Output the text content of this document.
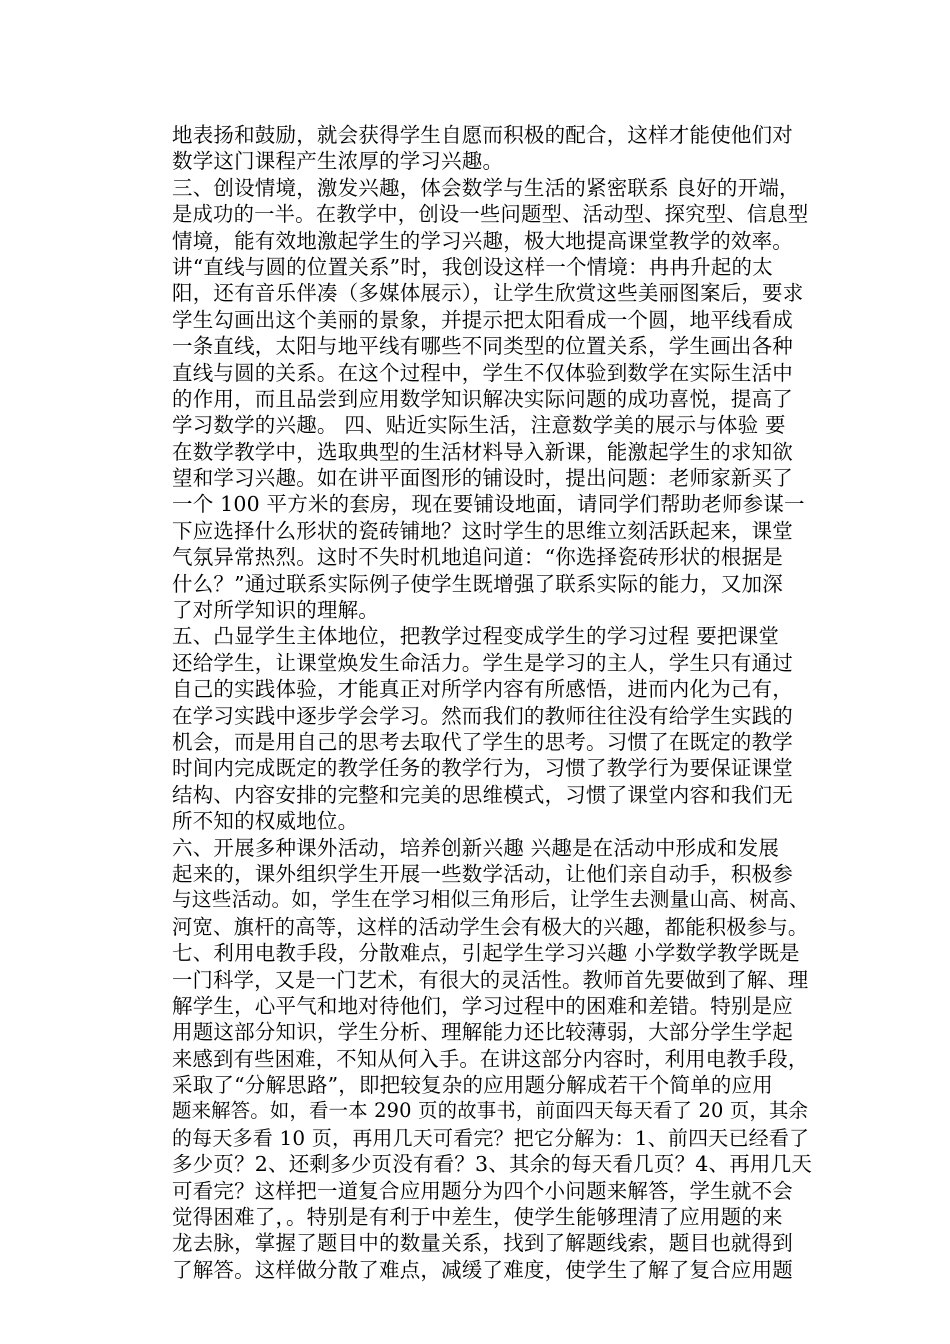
地表扬和鼓励，就会获得学生自愿而积极的配合，这样才能使他们对
数学这门课程产生浓厚的学习兴趣。
三、创设情境，激发兴趣，体会数学与生活的紧密联系 良好的开端，
是成功的一半。在教学中，创设一些问题型、活动型、探究型、信息型
情境，能有效地激起学生的学习兴趣，极大地提高课堂教学的效率。
讲“直线与圆的位置关系”时，我创设这样一个情境：冉冉升起的太
阳，还有音乐伴凑（多媒体展示），让学生欣赏这些美丽图案后，要求
学生勾画出这个美丽的景象，并提示把太阳看成一个圆，地平线看成
一条直线，太阳与地平线有哪些不同类型的位置关系，学生画出各种
直线与圆的关系。在这个过程中，学生不仅体验到数学在实际生活中
的作用，而且品尝到应用数学知识解决实际问题的成功喜悦，提高了
学习数学的兴趣。 四、贴近实际生活，注意数学美的展示与体验 要
在数学教学中，选取典型的生活材料导入新课，能激起学生的求知欲
望和学习兴趣。如在讲平面图形的铺设时，提出问题：老师家新买了
一个 100 平方米的套房，现在要铺设地面，请同学们帮助老师参谋一
下应选择什么形状的瓷砖铺地？这时学生的思维立刻活跃起来，课堂
气氛异常热烈。这时不失时机地追问道：“你选择瓷砖形状的根据是
什么？”通过联系实际例子使学生既增强了联系实际的能力，又加深
了对所学知识的理解。
五、凸显学生主体地位，把教学过程变成学生的学习过程 要把课堂
还给学生，让课堂焕发生命活力。学生是学习的主人，学生只有通过
自己的实践体验，才能真正对所学内容有所感悟，进而内化为己有，
在学习实践中逐步学会学习。然而我们的教师往往没有给学生实践的
机会，而是用自己的思考去取代了学生的思考。习惯了在既定的教学
时间内完成既定的教学任务的教学行为，习惯了教学行为要保证课堂
结构、内容安排的完整和完美的思维模式，习惯了课堂内容和我们无
所不知的权威地位。
六、开展多种课外活动，培养创新兴趣 兴趣是在活动中形成和发展
起来的，课外组织学生开展一些数学活动，让他们亲自动手，积极参
与这些活动。如，学生在学习相似三角形后，让学生去测量山高、树高、
河宽、旗杆的高等，这样的活动学生会有极大的兴趣，都能积极参与。
七、利用电教手段，分散难点，引起学生学习兴趣 小学数学教学既是
一门科学，又是一门艺术，有很大的灵活性。教师首先要做到了解、理
解学生，心平气和地对待他们，学习过程中的困难和差错。特别是应
用题这部分知识，学生分析、理解能力还比较薄弱，大部分学生学起
来感到有些困难，不知从何入手。在讲这部分内容时，利用电教手段，
采取了“分解思路”，即把较复杂的应用题分解成若干个简单的应用
题来解答。如，看一本 290 页的故事书，前面四天每天看了 20 页，其余
的每天多看 10 页，再用几天可看完？把它分解为：1、前四天已经看了
多少页？2、还剩多少页没有看？3、其余的每天看几页？4、再用几天
可看完？这样把一道复合应用题分为四个小问题来解答，学生就不会
觉得困难了，。特别是有利于中差生，使学生能够理清了应用题的来
龙去脉，掌握了题目中的数量关系，找到了解题线索，题目也就得到
了解答。这样做分散了难点，减缓了难度，使学生了解了复合应用题
